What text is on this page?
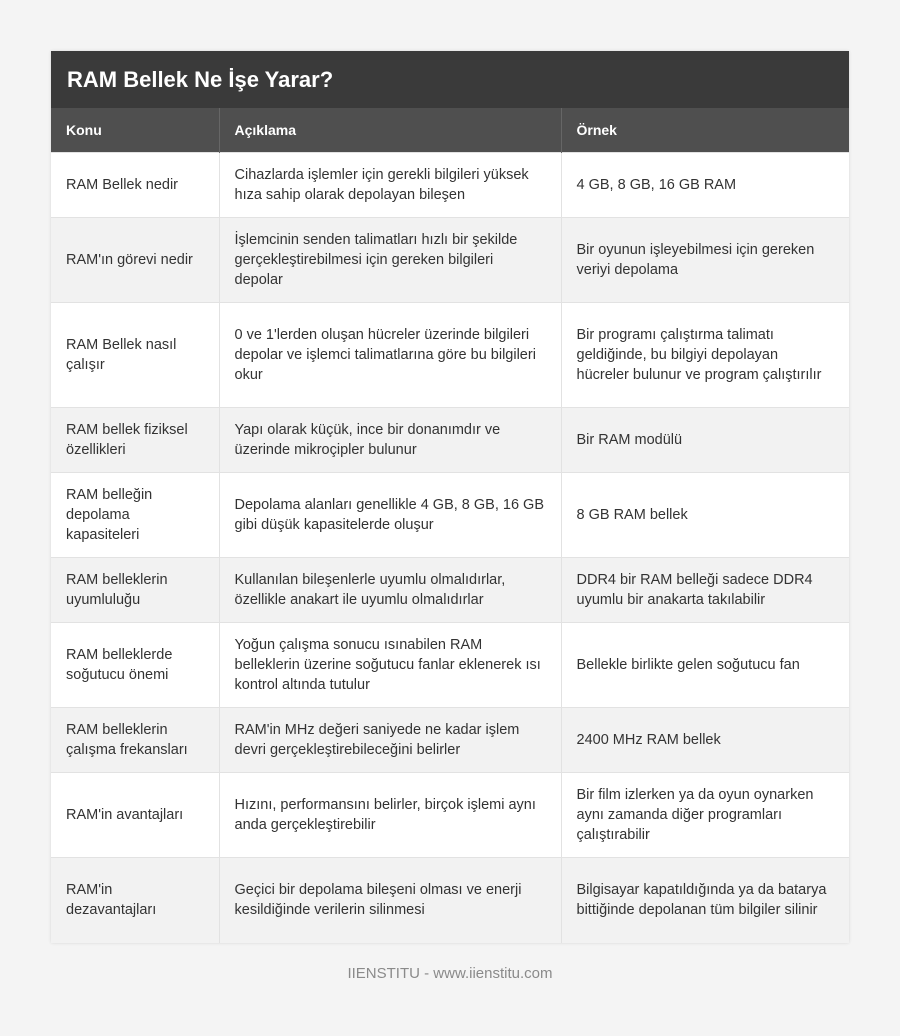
RAM Bellek Ne İşe Yarar?
Konu	Açıklama	Örnek
RAM Bellek nedir	Cihazlarda işlemler için gerekli bilgileri yüksek hıza sahip olarak depolayan bileşen	4 GB, 8 GB, 16 GB RAM
RAM'ın görevi nedir	İşlemcinin senden talimatları hızlı bir şekilde gerçekleştirebilmesi için gereken bilgileri depolar	Bir oyunun işleyebilmesi için gereken veriyi depolama
RAM Bellek nasıl çalışır	0 ve 1'lerden oluşan hücreler üzerinde bilgileri depolar ve işlemci talimatlarına göre bu bilgileri okur	Bir programı çalıştırma talimatı geldiğinde, bu bilgiyi depolayan hücreler bulunur ve program çalıştırılır
RAM bellek fiziksel özellikleri	Yapı olarak küçük, ince bir donanımdır ve üzerinde mikroçipler bulunur	Bir RAM modülü
RAM belleğin depolama kapasiteleri	Depolama alanları genellikle 4 GB, 8 GB, 16 GB gibi düşük kapasitelerde oluşur	8 GB RAM bellek
RAM belleklerin uyumluluğu	Kullanılan bileşenlerle uyumlu olmalıdırlar, özellikle anakart ile uyumlu olmalıdırlar	DDR4 bir RAM belleği sadece DDR4 uyumlu bir anakarta takılabilir
RAM belleklerde soğutucu önemi	Yoğun çalışma sonucu ısınabilen RAM belleklerin üzerine soğutucu fanlar eklenerek ısı kontrol altında tutulur	Bellekle birlikte gelen soğutucu fan
RAM belleklerin çalışma frekansları	RAM'in MHz değeri saniyede ne kadar işlem devri gerçekleştirebileceğini belirler	2400 MHz RAM bellek
RAM'in avantajları	Hızını, performansını belirler, birçok işlemi aynı anda gerçekleştirebilir	Bir film izlerken ya da oyun oynarken aynı zamanda diğer programları çalıştırabilir
RAM'in dezavantajları	Geçici bir depolama bileşeni olması ve enerji kesildiğinde verilerin silinmesi	Bilgisayar kapatıldığında ya da batarya bittiğinde depolanan tüm bilgiler silinir
IIENSTITU - www.iienstitu.com
